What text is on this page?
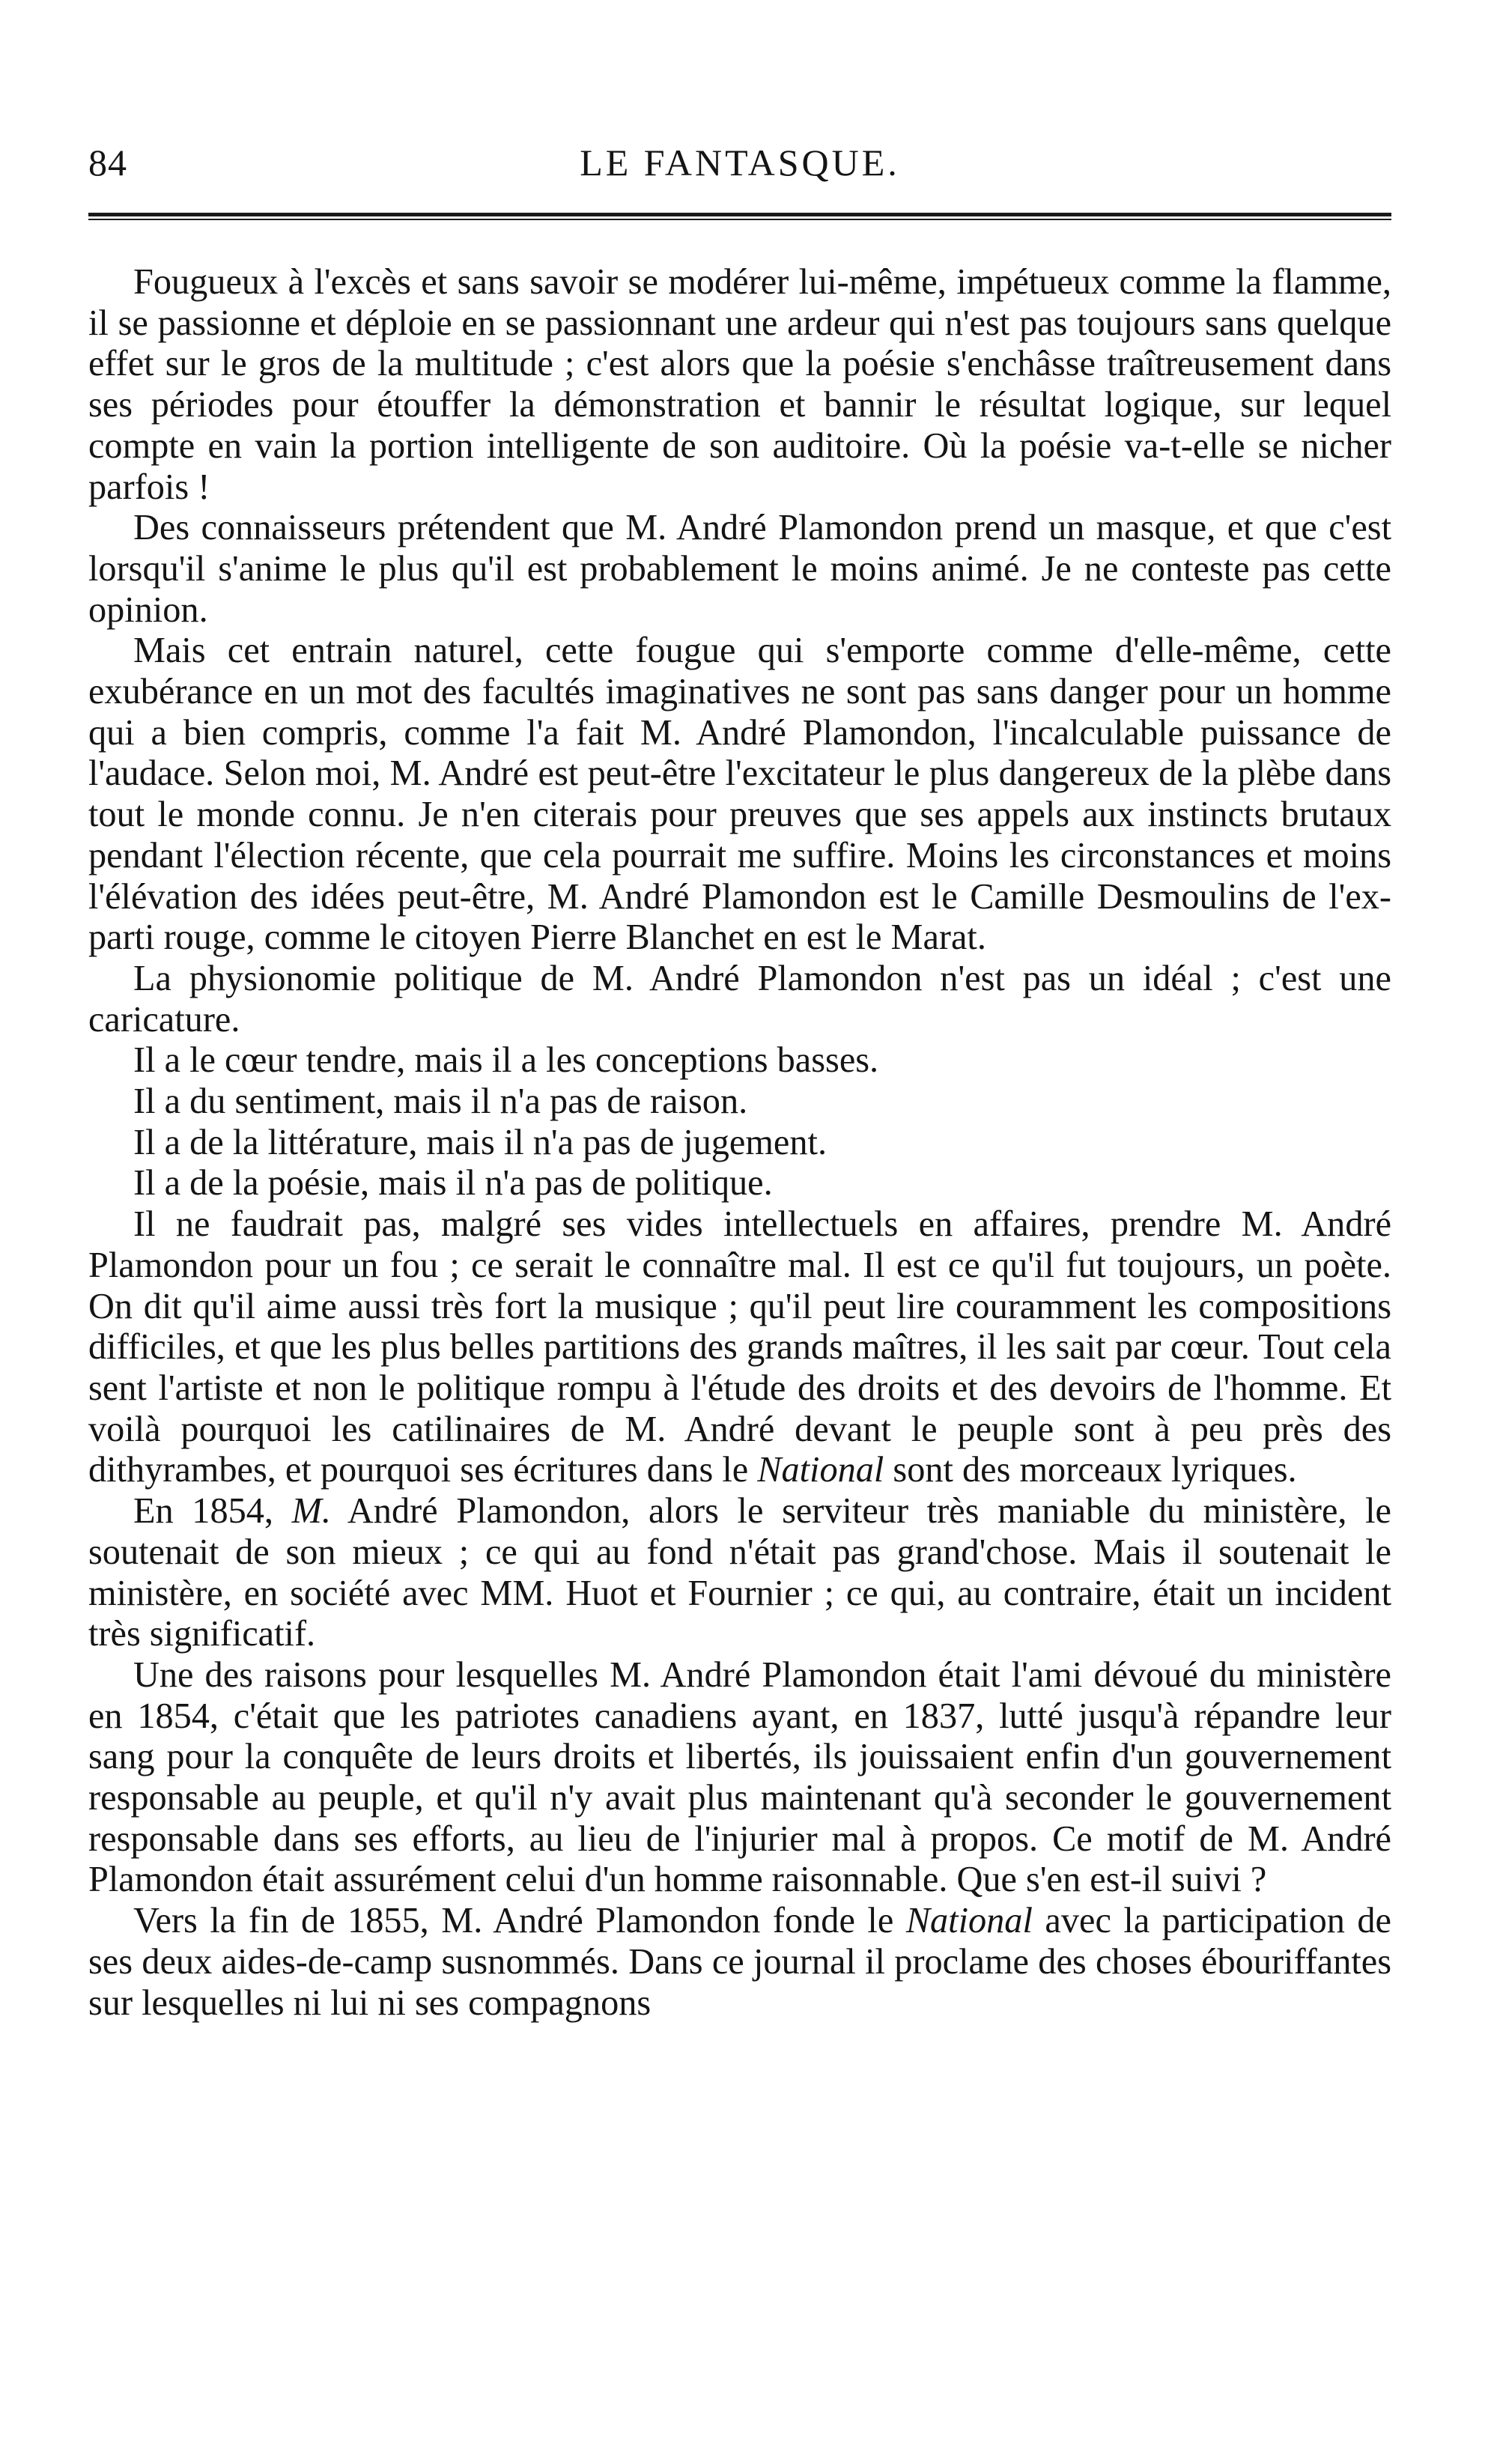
84	LE FANTASQUE.

Fougueux à l'excès et sans savoir se modérer lui-même, impétueux comme la flamme, il se passionne et déploie en se passionnant une ardeur qui n'est pas toujours sans quelque effet sur le gros de la multitude ; c'est alors que la poésie s'enchâsse traîtreusement dans ses périodes pour étouffer la démonstration et bannir le résultat logique, sur lequel compte en vain la portion intelligente de son auditoire. Où la poésie va-t-elle se nicher parfois !

Des connaisseurs prétendent que M. André Plamondon prend un masque, et que c'est lorsqu'il s'anime le plus qu'il est probablement le moins animé. Je ne conteste pas cette opinion.

Mais cet entrain naturel, cette fougue qui s'emporte comme d'elle-même, cette exubérance en un mot des facultés imaginatives ne sont pas sans danger pour un homme qui a bien compris, comme l'a fait M. André Plamondon, l'incalculable puissance de l'audace. Selon moi, M. André est peut-être l'excitateur le plus dangereux de la plèbe dans tout le monde connu. Je n'en citerais pour preuves que ses appels aux instincts brutaux pendant l'élection récente, que cela pourrait me suffire. Moins les circonstances et moins l'élévation des idées peut-être, M. André Plamondon est le Camille Desmoulins de l'ex-parti rouge, comme le citoyen Pierre Blanchet en est le Marat.

La physionomie politique de M. André Plamondon n'est pas un idéal ; c'est une caricature.

Il a le cœur tendre, mais il a les conceptions basses.

Il a du sentiment, mais il n'a pas de raison.

Il a de la littérature, mais il n'a pas de jugement.

Il a de la poésie, mais il n'a pas de politique.

Il ne faudrait pas, malgré ses vides intellectuels en affaires, prendre M. André Plamondon pour un fou ; ce serait le connaître mal. Il est ce qu'il fut toujours, un poète. On dit qu'il aime aussi très fort la musique ; qu'il peut lire couramment les compositions difficiles, et que les plus belles partitions des grands maîtres, il les sait par cœur. Tout cela sent l'artiste et non le politique rompu à l'étude des droits et des devoirs de l'homme. Et voilà pourquoi les catilinaires de M. André devant le peuple sont à peu près des dithyrambes, et pourquoi ses écritures dans le National sont des morceaux lyriques.

En 1854, M. André Plamondon, alors le serviteur très maniable du ministère, le soutenait de son mieux ; ce qui au fond n'était pas grand'chose. Mais il soutenait le ministère, en société avec MM. Huot et Fournier ; ce qui, au contraire, était un incident très significatif.

Une des raisons pour lesquelles M. André Plamondon était l'ami dévoué du ministère en 1854, c'était que les patriotes canadiens ayant, en 1837, lutté jusqu'à répandre leur sang pour la conquête de leurs droits et libertés, ils jouissaient enfin d'un gouvernement responsable au peuple, et qu'il n'y avait plus maintenant qu'à seconder le gouvernement responsable dans ses efforts, au lieu de l'injurier mal à propos. Ce motif de M. André Plamondon était assurément celui d'un homme raisonnable. Que s'en est-il suivi ?

Vers la fin de 1855, M. André Plamondon fonde le National avec la participation de ses deux aides-de-camp susnommés. Dans ce journal il proclame des choses ébouriffantes sur lesquelles ni lui ni ses compagnons
